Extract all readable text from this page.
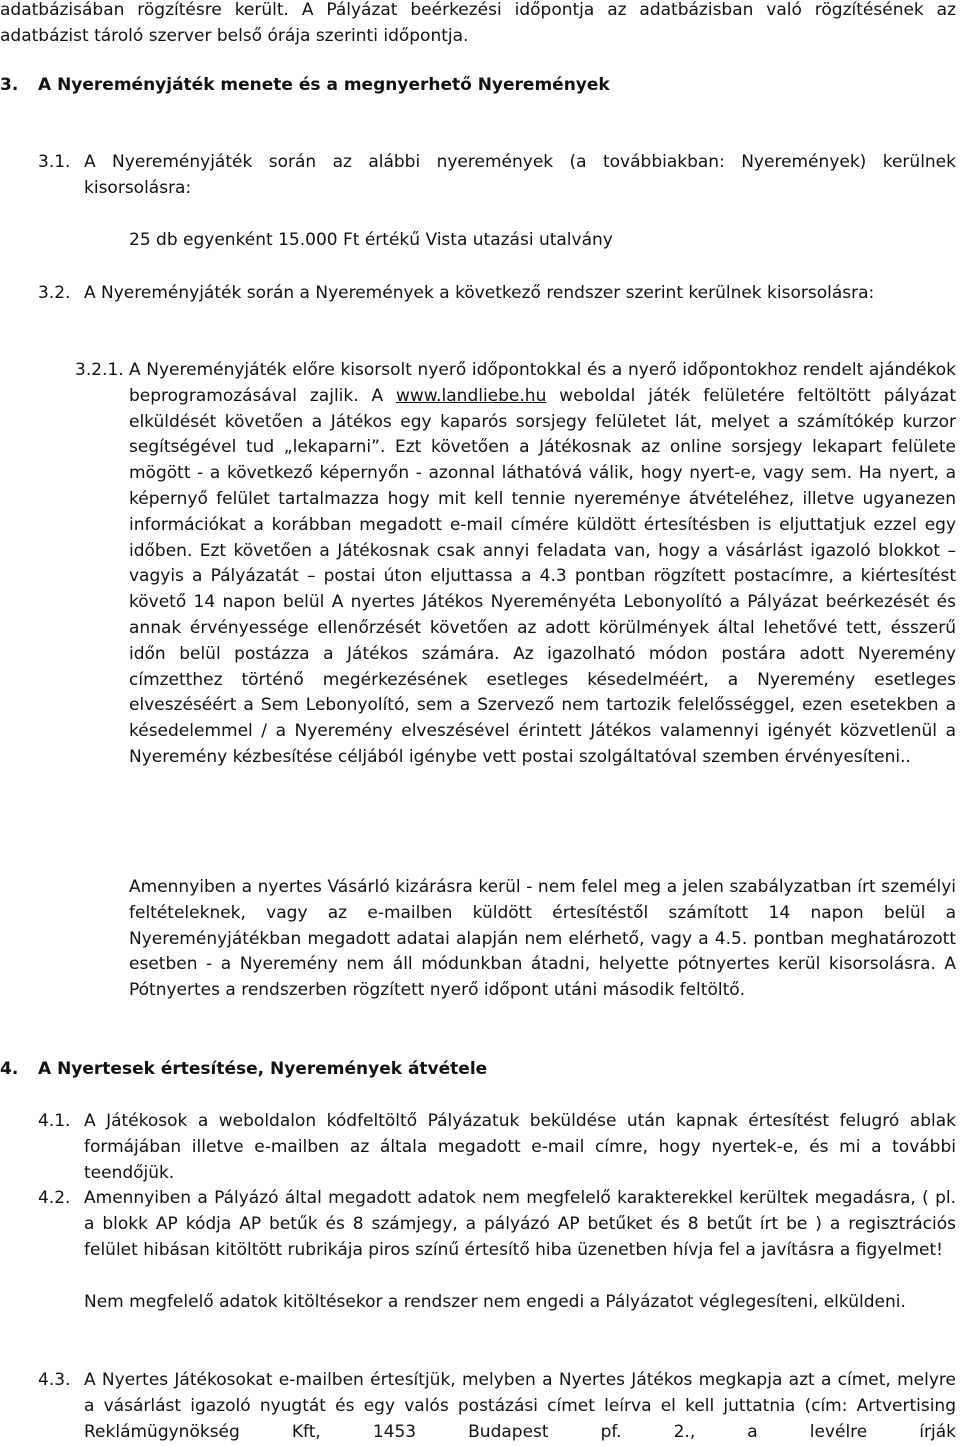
adatbázisában rögzítésre került. A Pályázat beérkezési időpontja az adatbázisban való rögzítésének az adatbázist tároló szerver belső órája szerinti időpontja.
3. A Nyereményjáték menete és a megnyerhető Nyeremények
3.1. A Nyereményjáték során az alábbi nyeremények (a továbbiakban: Nyeremények) kerülnek kisorsolásra:
25 db egyenként 15.000 Ft értékű Vista utazási utalvány
3.2. A Nyereményjáték során a Nyeremények a következő rendszer szerint kerülnek kisorsolásra:
3.2.1. A Nyereményjáték előre kisorsolt nyerő időpontokkal és a nyerő időpontokhoz rendelt ajándékok beprogramozásával zajlik. A www.landliebe.hu weboldal játék felületére feltöltött pályázat elküldését követően a Játékos egy kaparós sorsjegy felületet lát, melyet a számítókép kurzor segítségével tud „lekaparni”. Ezt követően a Játékosnak az online sorsjegy lekapart felülete mögött - a következő képernyőn - azonnal láthatóvá válik, hogy nyert-e, vagy sem. Ha nyert, a képernyő felület tartalmazza hogy mit kell tennie nyereménye átvételéhez, illetve ugyanezen információkat a korábban megadott e-mail címére küldött értesítésben is eljuttatjuk ezzel egy időben. Ezt követően a Játékosnak csak annyi feladata van, hogy a vásárlást igazoló blokkot – vagyis a Pályázatát – postai úton eljuttassa a 4.3 pontban rögzített postacímre, a kiértesítést követő 14 napon belül A nyertes Játékos Nyereményéta Lebonyolító a Pályázat beérkezését és annak érvényessége ellenőrzését követően az adott körülmények által lehetővé tett, ésszerű időn belül postázza a Játékos számára. Az igazolható módon postára adott Nyeremény címzetthez történő megérkezésének esetleges késedelméért, a Nyeremény esetleges elveszéséért a Sem Lebonyolító, sem a Szervező nem tartozik felelősséggel, ezen esetekben a késedelemmel / a Nyeremény elveszésével érintett Játékos valamennyi igényét közvetlenül a Nyeremény kézbesítése céljából igénybe vett postai szolgáltatóval szemben érvényesíteni..
Amennyiben a nyertes Vásárló kizárásra kerül - nem felel meg a jelen szabályzatban írt személyi feltételeknek, vagy az e-mailben küldött értesítéstől számított 14 napon belül a Nyereményjátékban megadott adatai alapján nem elérhető, vagy a 4.5. pontban meghatározott esetben - a Nyeremény nem áll módunkban átadni, helyette pótnyertes kerül kisorsolásra. A Pótnyertes a rendszerben rögzített nyerő időpont utáni második feltöltő.
4. A Nyertesek értesítése, Nyeremények átvétele
4.1. A Játékosok a weboldalon kódfeltöltő Pályázatuk beküldése után kapnak értesítést felugró ablak formájában illetve e-mailben az általa megadott e-mail címre, hogy nyertek-e, és mi a további teendőjük.
4.2. Amennyiben a Pályázó által megadott adatok nem megfelelő karakterekkel kerültek megadásra, ( pl. a blokk AP kódja AP betűk és 8 számjegy, a pályázó AP betűket és 8 betűt írt be ) a regisztrációs felület hibásan kitöltött rubrikája piros színű értesítő hiba üzenetben hívja fel a javításra a figyelmet!
Nem megfelelő adatok kitöltésekor a rendszer nem engedi a Pályázatot véglegesíteni, elküldeni.
4.3. A Nyertes Játékosokat e-mailben értesítjük, melyben a Nyertes Játékos megkapja azt a címet, melyre a vásárlást igazoló nyugtát és egy valós postázási címet leírva el kell juttatnia (cím: Artvertising Reklámügynökség Kft, 1453 Budapest pf. 2., a levélre írják
